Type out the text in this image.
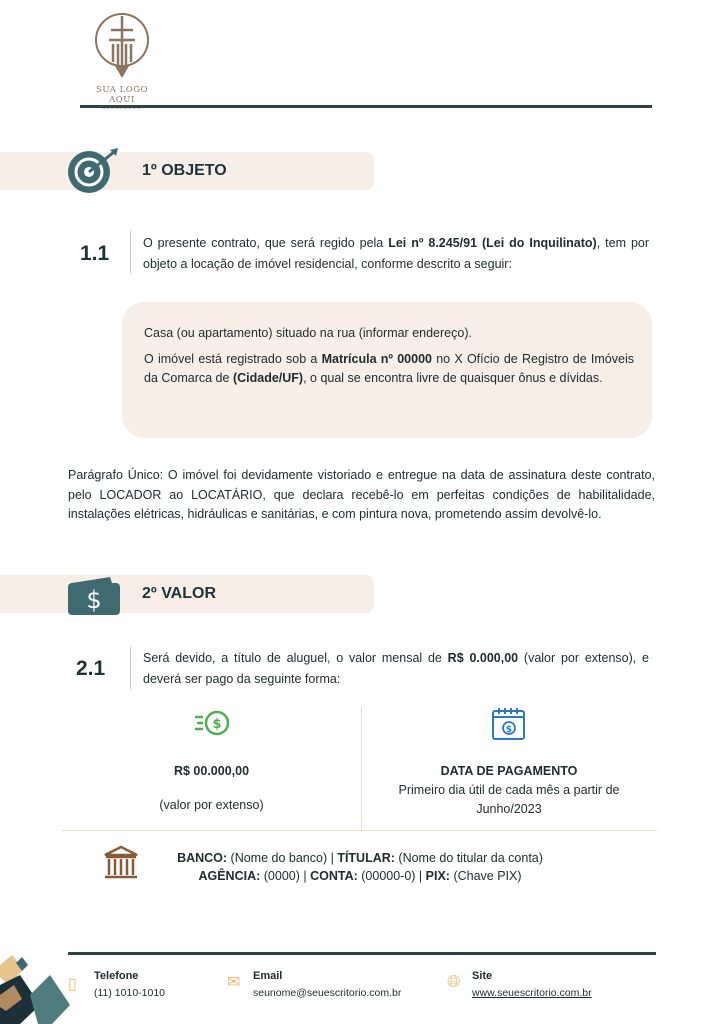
SUA LOGO AQUI
1º OBJETO
1.1	O presente contrato, que será regido pela Lei nº 8.245/91 (Lei do Inquilinato), tem por objeto a locação de imóvel residencial, conforme descrito a seguir:

Casa (ou apartamento) situado na rua (informar endereço).

O imóvel está registrado sob a Matrícula nº 00000 no X Ofício de Registro de Imóveis da Comarca de (Cidade/UF), o qual se encontra livre de quaisquer ônus e dívidas.

Parágrafo Único: O imóvel foi devidamente vistoriado e entregue na data de assinatura deste contrato, pelo LOCADOR ao LOCATÁRIO, que declara recebê-lo em perfeitas condições de habilitalidade, instalações elétricas, hidráulicas e sanitárias, e com pintura nova, prometendo assim devolvê-lo.
$	2º VALOR
2.1	Será devido, a título de aluguel, o valor mensal de R$ 0.000,00 (valor por extenso), e deverá ser pago da seguinte forma:
$
R$ 00.000,00
(valor por extenso)
$
DATA DE PAGAMENTO
Primeiro dia útil de cada mês a partir de Junho/2023
BANCO: (Nome do banco) | TÍTULAR: (Nome do titular da conta)
AGÊNCIA: (0000) | CONTA: (00000-0) | PIX: (Chave PIX)
▯ Telefone
(11) 1010-1010
✉ Email
seunome@seuescritorio.com.br
🌐︎ Site
www.seuescritorio.com.br
